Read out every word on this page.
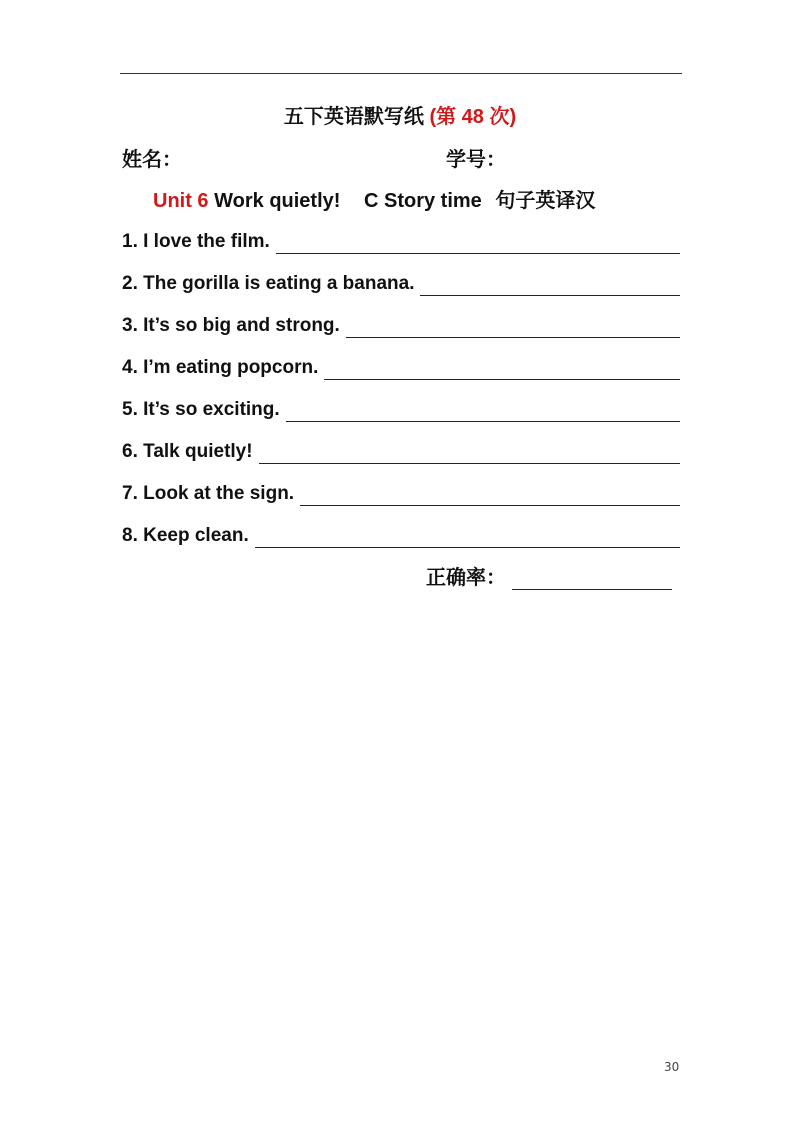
五下英语默写纸 (第 48 次)
姓名：	学号：
Unit 6 Work quietly! C Story time 句子英译汉
1. I love the film.
2. The gorilla is eating a banana.
3. It’s so big and strong.
4. I’m eating popcorn.
5. It’s so exciting.
6. Talk quietly!
7. Look at the sign.
8. Keep clean.
正确率：
30
